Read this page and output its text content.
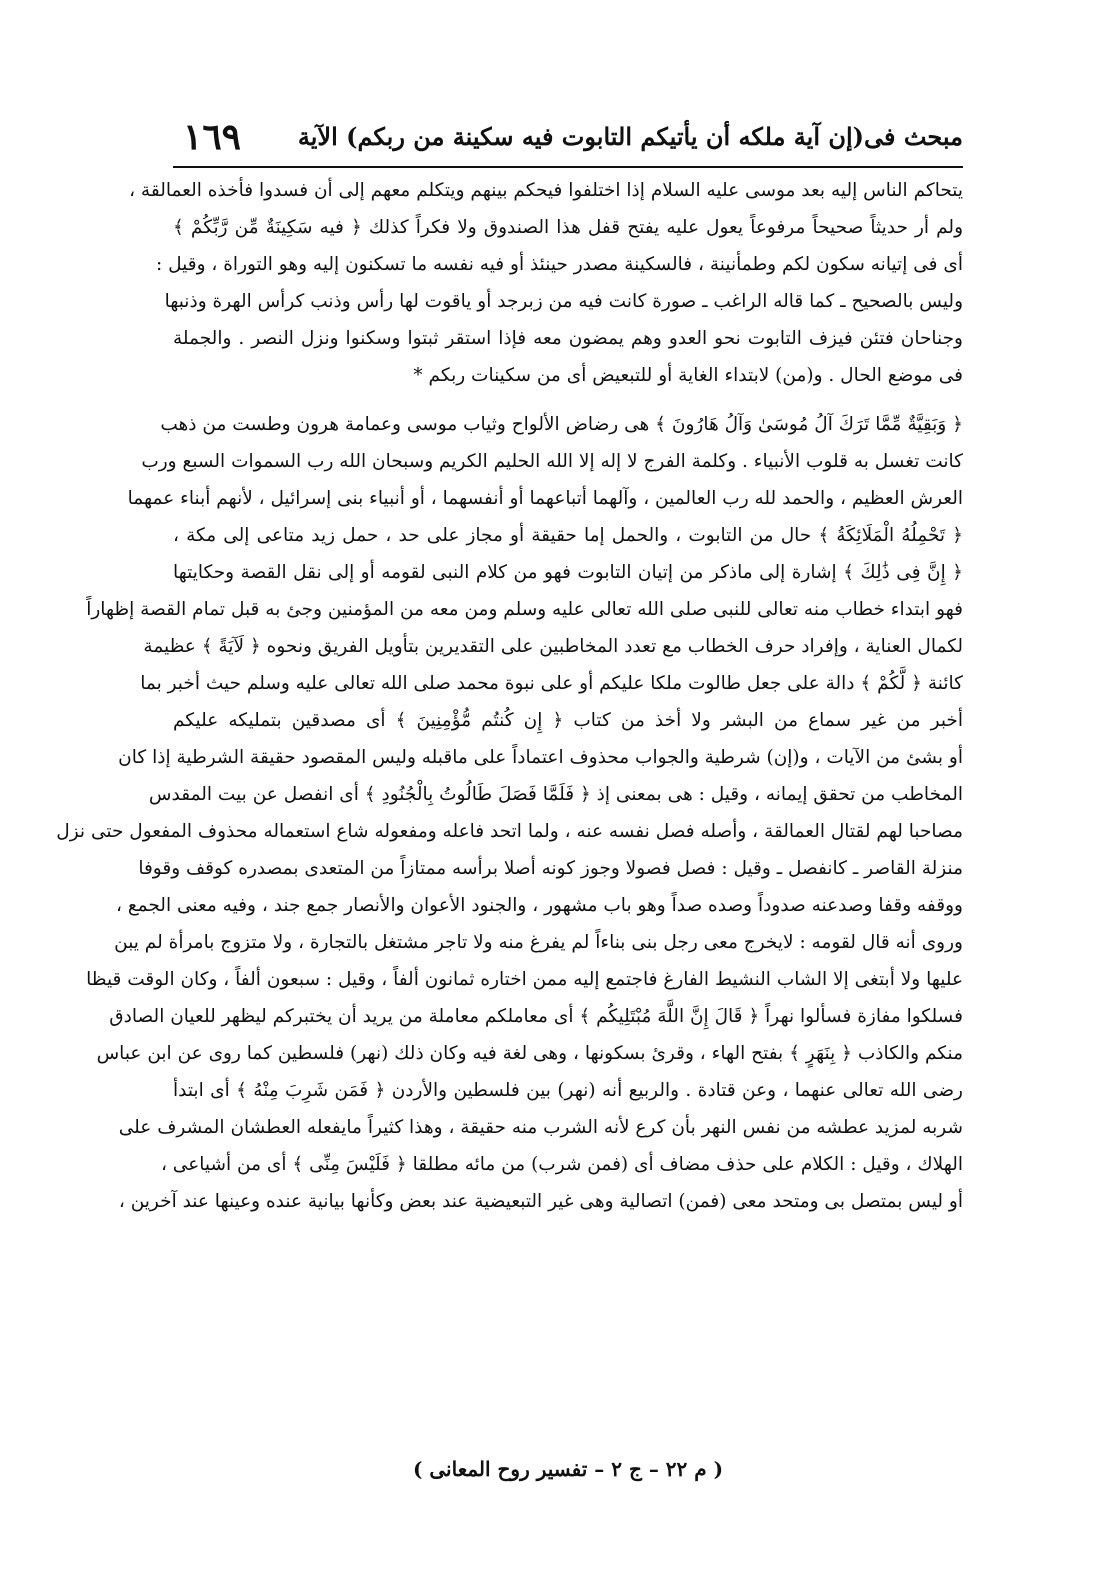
مبحث فى(إن آية ملكه أن يأتيكم التابوت فيه سكينة من ربكم) الآية
١٦٩
يتحاكم الناس إليه بعد موسى عليه السلام إذا اختلفوا فيحكم بينهم ويتكلم معهم إلى أن فسدوا فأخذه العمالقة ،
ولم أر حديثاً صحيحاً مرفوعاً يعول عليه يفتح قفل هذا الصندوق ولا فكراً كذلك ﴿ فيه سَكِينَةٌ مِّن رَّبِّكُمْ ﴾
أى فى إتيانه سكون لكم وطمأنينة ، فالسكينة مصدر حينئذ أو فيه نفسه ما تسكنون إليه وهو التوراة ، وقيل :
وليس بالصحيح ـ كما قاله الراغب ـ صورة كانت فيه من زبرجد أو ياقوت لها رأس وذنب كرأس الهرة وذنبها
وجناحان فتئن فيزف التابوت نحو العدو وهم يمضون معه فإذا استقر ثبتوا وسكنوا ونزل النصر . والجملة
فى موضع الحال . و(من) لابتداء الغاية أو للتبعيض أى من سكينات ربكم *
﴿ وَبَقِيَّةٌ مِّمَّا تَرَكَ آلُ مُوسَىٰ وَآلُ هَارُونَ ﴾ هى رضاض الألواح وثياب موسى وعمامة هرون وطست من ذهب
كانت تغسل به قلوب الأنبياء . وكلمة الفرج لا إله إلا الله الحليم الكريم وسبحان الله رب السموات السبع ورب
العرش العظيم ، والحمد لله رب العالمين ، وآلهما أتباعهما أو أنفسهما ، أو أنبياء بنى إسرائيل ، لأنهم أبناء عمهما
﴿ تَحْمِلُهُ الْمَلَائِكَةُ ﴾ حال من التابوت ، والحمل إما حقيقة أو مجاز على حد ، حمل زيد متاعى إلى مكة ،
﴿ إِنَّ فِى ذَٰلِكَ ﴾ إشارة إلى ماذكر من إتيان التابوت فهو من كلام النبى لقومه أو إلى نقل القصة وحكايتها
فهو ابتداء خطاب منه تعالى للنبى صلى الله تعالى عليه وسلم ومن معه من المؤمنين وجئ به قبل تمام القصة إظهاراً
لكمال العناية ، وإفراد حرف الخطاب مع تعدد المخاطبين على التقديرين بتأويل الفريق ونحوه ﴿ لَآيَةً ﴾ عظيمة
كائنة ﴿ لَّكُمْ ﴾ دالة على جعل طالوت ملكا عليكم أو على نبوة محمد صلى الله تعالى عليه وسلم حيث أخبر بما
أخبر من غير سماع من البشر ولا أخذ من كتاب ﴿ إِن كُنتُم مُّؤْمِنِينَ ﴾ أى مصدقين بتمليكه عليكم
أو بشئ من الآيات ، و(إن) شرطية والجواب محذوف اعتماداً على ماقبله وليس المقصود حقيقة الشرطية إذا كان
المخاطب من تحقق إيمانه ، وقيل : هى بمعنى إذ ﴿ فَلَمَّا فَصَلَ طَالُوتُ بِالْجُنُودِ ﴾ أى انفصل عن بيت المقدس
مصاحبا لهم لقتال العمالقة ، وأصله فصل نفسه عنه ، ولما اتحد فاعله ومفعوله شاع استعماله محذوف المفعول حتى نزل
منزلة القاصر ـ كانفصل ـ وقيل : فصل فصولا وجوز كونه أصلا برأسه ممتازاً من المتعدى بمصدره كوقف وقوفا
ووقفه وقفا وصدعنه صدوداً وصده صداً وهو باب مشهور ، والجنود الأعوان والأنصار جمع جند ، وفيه معنى الجمع ،
وروى أنه قال لقومه : لايخرج معى رجل بنى بناءاً لم يفرغ منه ولا تاجر مشتغل بالتجارة ، ولا متزوج بامرأة لم يبن
عليها ولا أبتغى إلا الشاب النشيط الفارغ فاجتمع إليه ممن اختاره ثمانون ألفاً ، وقيل : سبعون ألفاً ، وكان الوقت قيظا
فسلكوا مفازة فسألوا نهراً ﴿ قَالَ إِنَّ اللَّهَ مُبْتَلِيكُم ﴾ أى معاملكم معاملة من يريد أن يختبركم ليظهر للعيان الصادق
منكم والكاذب ﴿ بِنَهَرٍ ﴾ بفتح الهاء ، وقرئ بسكونها ، وهى لغة فيه وكان ذلك (نهر) فلسطين كما روى عن ابن عباس
رضى الله تعالى عنهما ، وعن قتادة . والربيع أنه (نهر) بين فلسطين والأردن ﴿ فَمَن شَرِبَ مِنْهُ ﴾ أى ابتدأ
شربه لمزيد عطشه من نفس النهر بأن كرع لأنه الشرب منه حقيقة ، وهذا كثيراً مايفعله العطشان المشرف على
الهلاك ، وقيل : الكلام على حذف مضاف أى (فمن شرب) من مائه مطلقا ﴿ فَلَيْسَ مِنِّى ﴾ أى من أشياعى ،
أو ليس بمتصل بى ومتحد معى (فمن) اتصالية وهى غير التبعيضية عند بعض وكأنها بيانية عنده وعينها عند آخرين ،
( م ٢٢ – ج ٢ – تفسير روح المعانى )
